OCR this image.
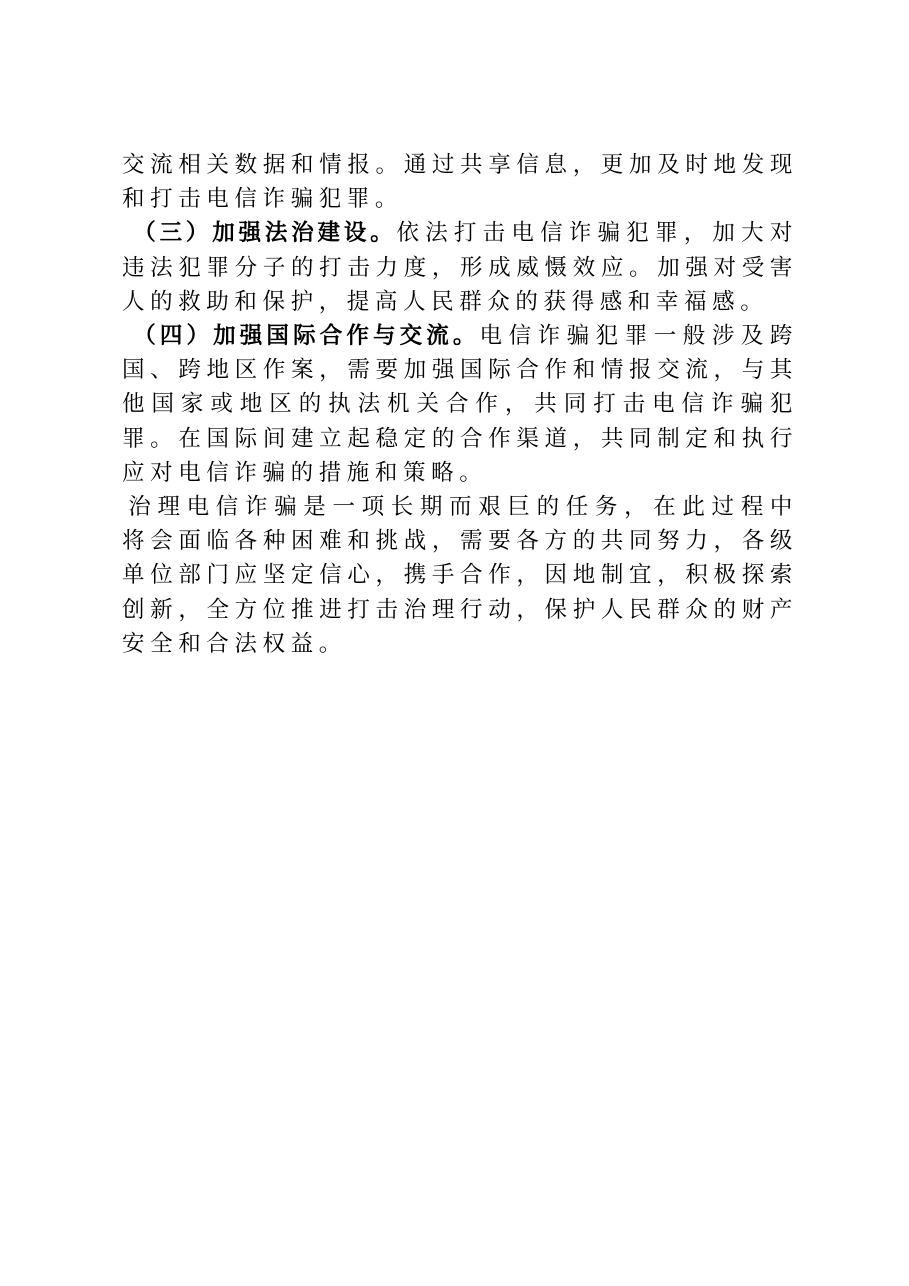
交流相关数据和情报。通过共享信息，更加及时地发现和打击电信诈骗犯罪。

（三）加强法治建设。依法打击电信诈骗犯罪，加大对违法犯罪分子的打击力度，形成威慑效应。加强对受害人的救助和保护，提高人民群众的获得感和幸福感。

（四）加强国际合作与交流。电信诈骗犯罪一般涉及跨国、跨地区作案，需要加强国际合作和情报交流，与其他国家或地区的执法机关合作，共同打击电信诈骗犯罪。在国际间建立起稳定的合作渠道，共同制定和执行应对电信诈骗的措施和策略。

治理电信诈骗是一项长期而艰巨的任务，在此过程中将会面临各种困难和挑战，需要各方的共同努力，各级单位部门应坚定信心，携手合作，因地制宜，积极探索创新，全方位推进打击治理行动，保护人民群众的财产安全和合法权益。
